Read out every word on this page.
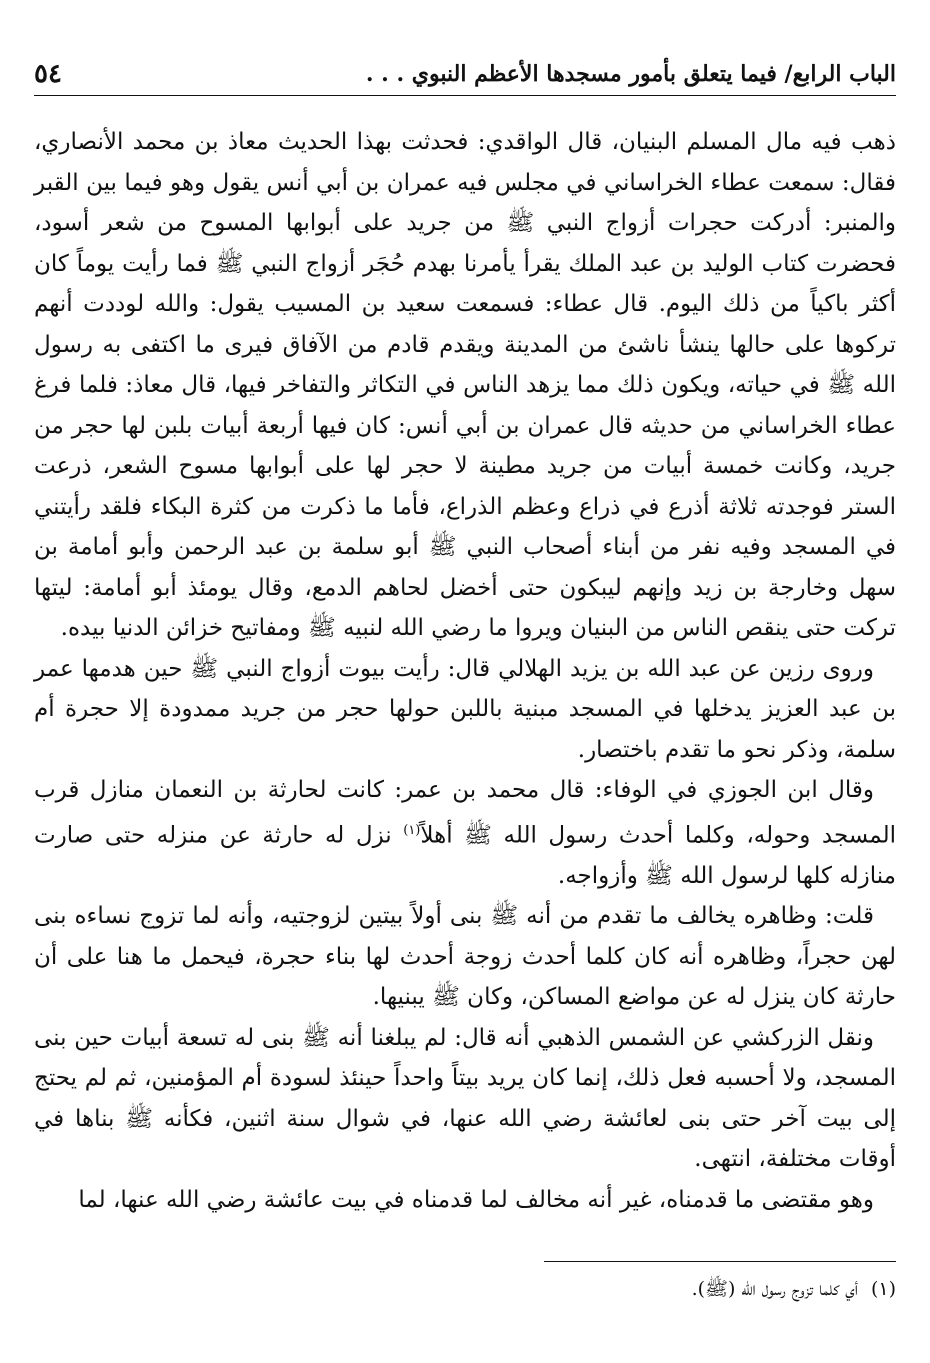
٥٤	الباب الرابع/ فيما يتعلق بأمور مسجدها الأعظم النبوي . . .

ذهب فيه مال المسلم البنيان، قال الواقدي: فحدثت بهذا الحديث معاذ بن محمد الأنصاري، فقال: سمعت عطاء الخراساني في مجلس فيه عمران بن أبي أنس يقول وهو فيما بين القبر والمنبر: أدركت حجرات أزواج النبي ﷺ من جريد على أبوابها المسوح من شعر أسود، فحضرت كتاب الوليد بن عبد الملك يقرأ يأمرنا بهدم حُجَر أزواج النبي ﷺ فما رأيت يوماً كان أكثر باكياً من ذلك اليوم. قال عطاء: فسمعت سعيد بن المسيب يقول: والله لوددت أنهم تركوها على حالها ينشأ ناشئ من المدينة ويقدم قادم من الآفاق فيرى ما اكتفى به رسول الله ﷺ في حياته، ويكون ذلك مما يزهد الناس في التكاثر والتفاخر فيها، قال معاذ: فلما فرغ عطاء الخراساني من حديثه قال عمران بن أبي أنس: كان فيها أربعة أبيات بلبن لها حجر من جريد، وكانت خمسة أبيات من جريد مطينة لا حجر لها على أبوابها مسوح الشعر، ذرعت الستر فوجدته ثلاثة أذرع في ذراع وعظم الذراع، فأما ما ذكرت من كثرة البكاء فلقد رأيتني في المسجد وفيه نفر من أبناء أصحاب النبي ﷺ أبو سلمة بن عبد الرحمن وأبو أمامة بن سهل وخارجة بن زيد وإنهم ليبكون حتى أخضل لحاهم الدمع، وقال يومئذ أبو أمامة: ليتها تركت حتى ينقص الناس من البنيان ويروا ما رضي الله لنبيه ﷺ ومفاتيح خزائن الدنيا بيده.

وروى رزين عن عبد الله بن يزيد الهلالي قال: رأيت بيوت أزواج النبي ﷺ حين هدمها عمر بن عبد العزيز يدخلها في المسجد مبنية باللبن حولها حجر من جريد ممدودة إلا حجرة أم سلمة، وذكر نحو ما تقدم باختصار.

وقال ابن الجوزي في الوفاء: قال محمد بن عمر: كانت لحارثة بن النعمان منازل قرب المسجد وحوله، وكلما أحدث رسول الله ﷺ أهلاً$^{(١)}$ نزل له حارثة عن منزله حتى صارت منازله كلها لرسول الله ﷺ وأزواجه.

قلت: وظاهره يخالف ما تقدم من أنه ﷺ بنى أولاً بيتين لزوجتيه، وأنه لما تزوج نساءه بنى لهن حجراً، وظاهره أنه كان كلما أحدث زوجة أحدث لها بناء حجرة، فيحمل ما هنا على أن حارثة كان ينزل له عن مواضع المساكن، وكان ﷺ يبنيها.

ونقل الزركشي عن الشمس الذهبي أنه قال: لم يبلغنا أنه ﷺ بنى له تسعة أبيات حين بنى المسجد، ولا أحسبه فعل ذلك، إنما كان يريد بيتاً واحداً حينئذ لسودة أم المؤمنين، ثم لم يحتج إلى بيت آخر حتى بنى لعائشة رضي الله عنها، في شوال سنة اثنين، فكأنه ﷺ بناها في أوقات مختلفة، انتهى.

وهو مقتضى ما قدمناه، غير أنه مخالف لما قدمناه في بيت عائشة رضي الله عنها، لما

(١) أي كلما تزوج رسول الله (ﷺ).
